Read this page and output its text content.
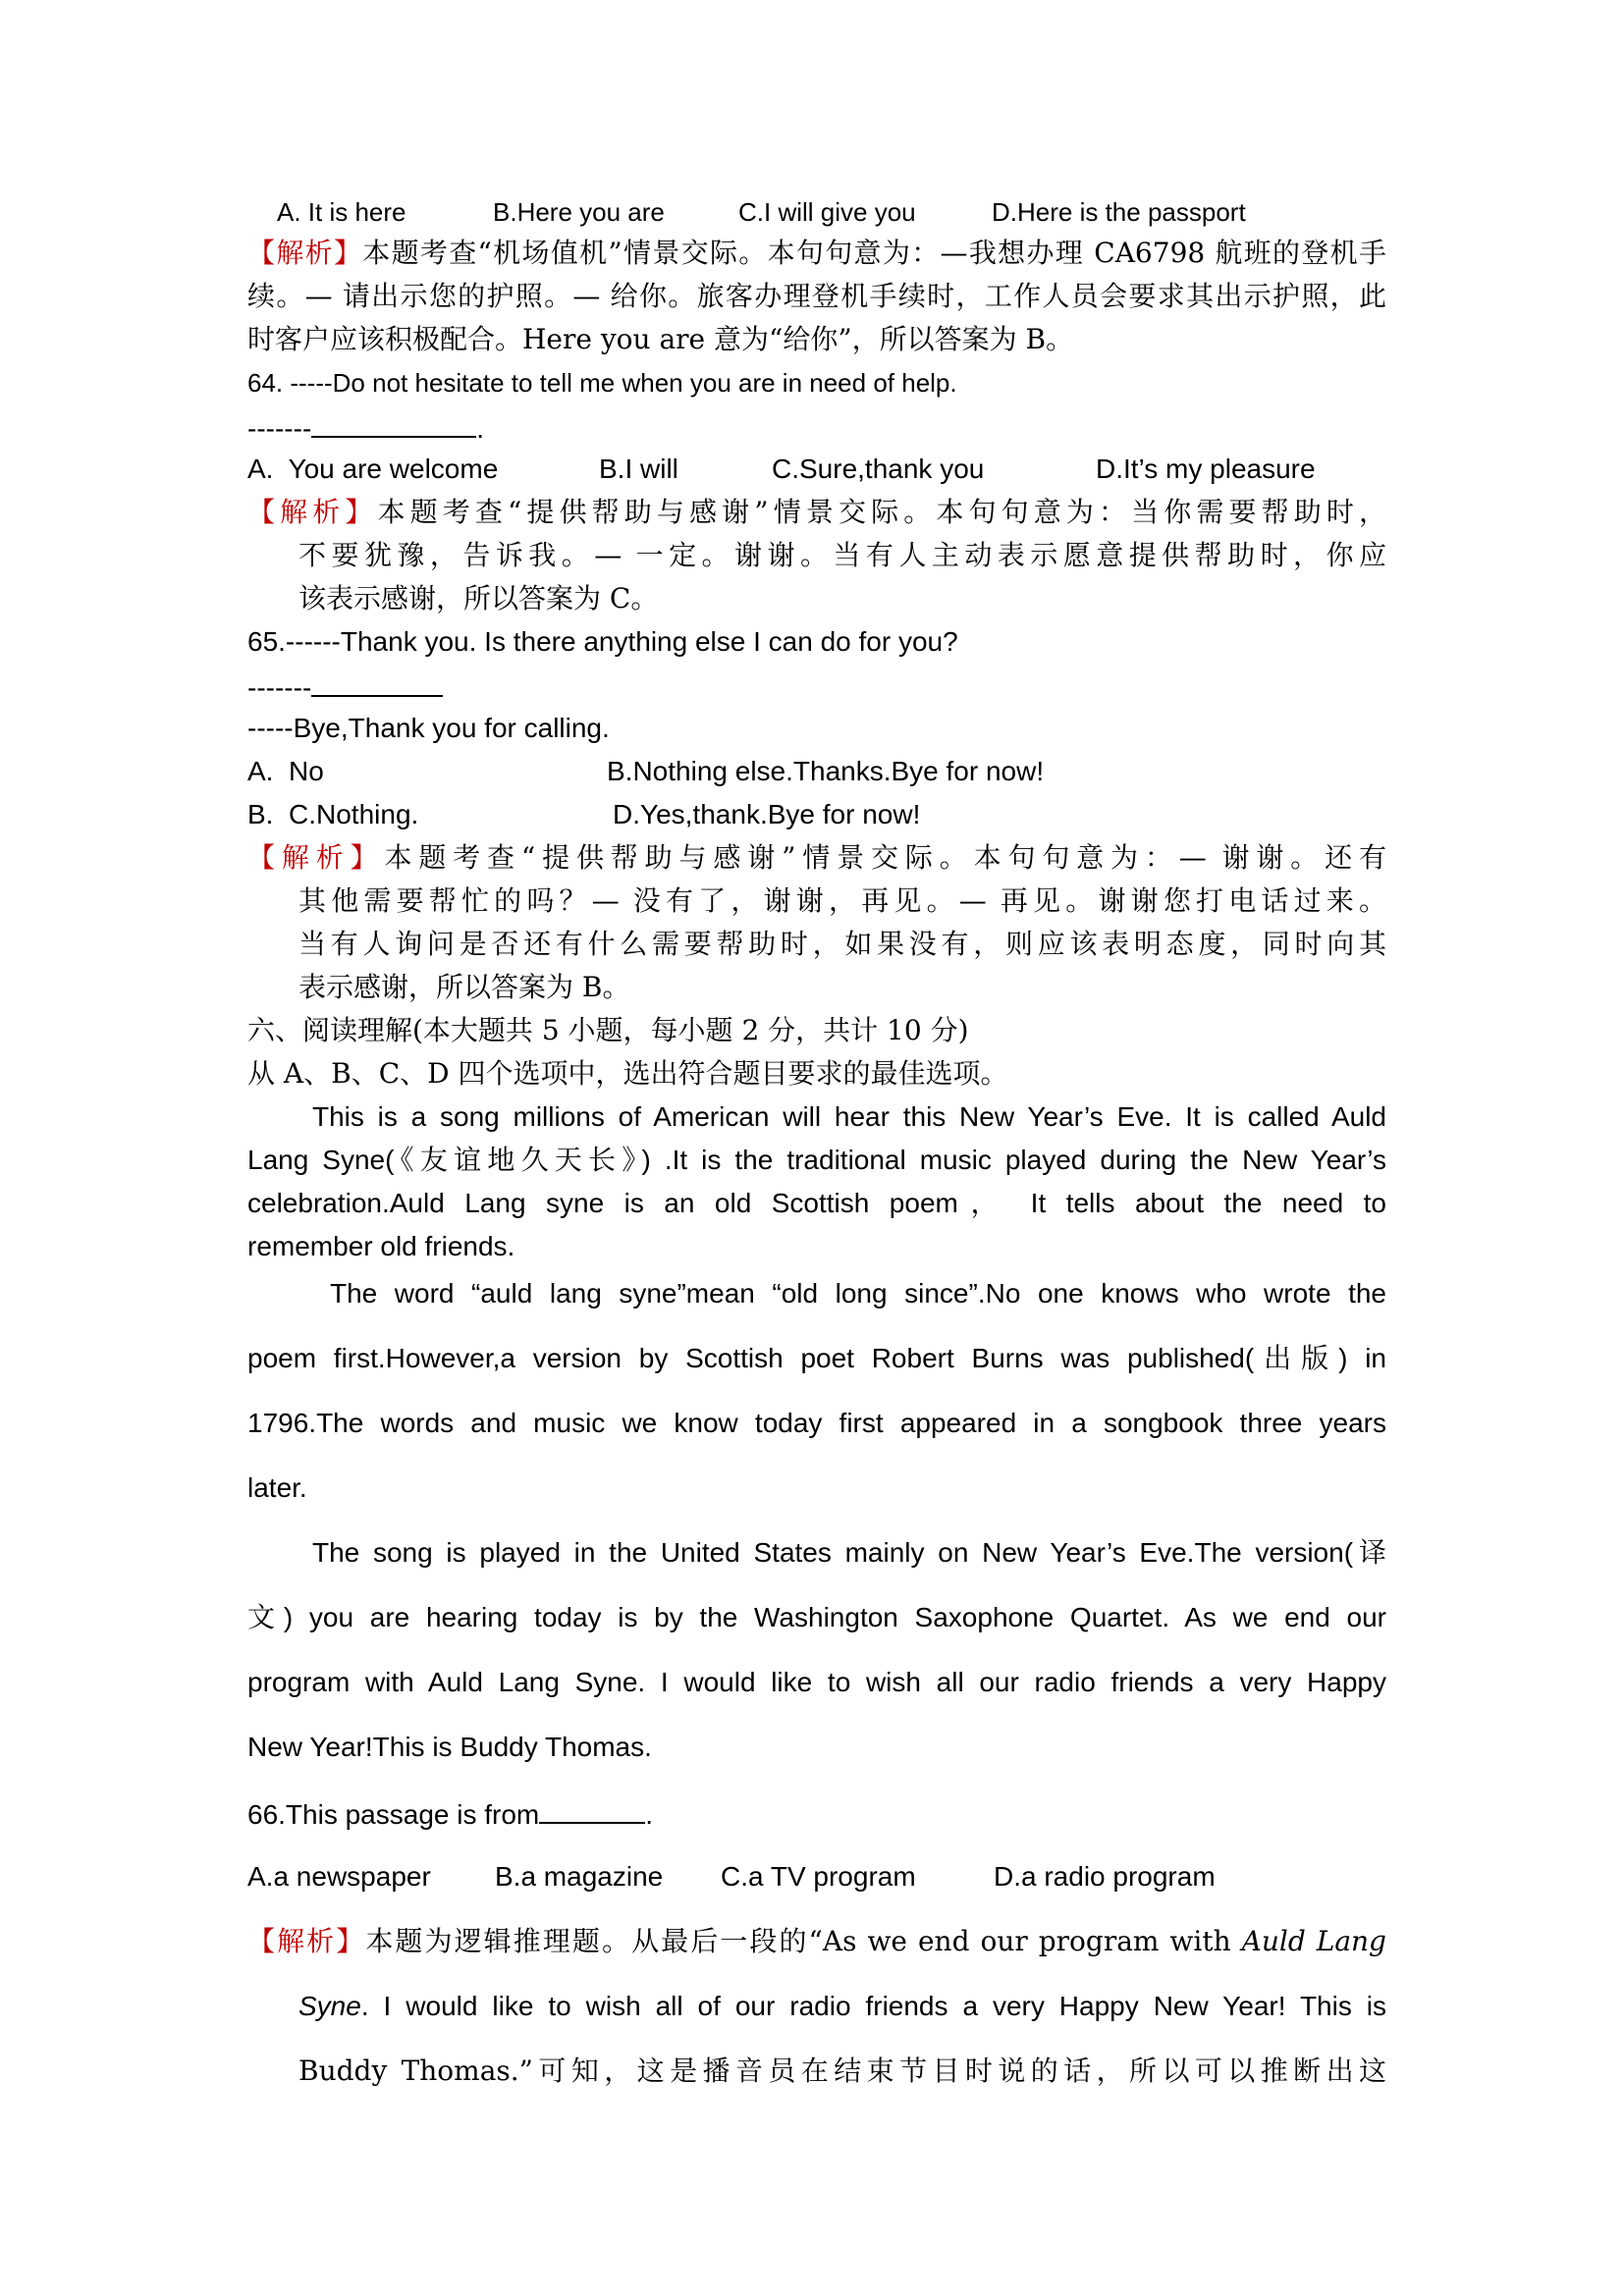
A. It is here	B.Here you are	C.I will give you	D.Here is the passport
【解析】本题考查“机场值机”情景交际。本句句意为：—我想办理 CA6798 航班的登机手
续。— 请出示您的护照。— 给你。旅客办理登机手续时，工作人员会要求其出示护照，此
时客户应该积极配合。Here you are 意为“给你”，所以答案为 B。
64. -----Do not hesitate to tell me when you are in need of help.
-------	.
A.  You are welcome	B.I will	C.Sure,thank you	D.It’s my pleasure
【解析】本题考查“提供帮助与感谢”情景交际。本句句意为：当你需要帮助时，
不要犹豫，告诉我。— 一定。谢谢。当有人主动表示愿意提供帮助时，你应
该表示感谢，所以答案为 C。
65.------Thank you. Is there anything else I can do for you?
-------
-----Bye,Thank you for calling.
A.  No	B.Nothing else.Thanks.Bye for now!
B.  C.Nothing.	D.Yes,thank.Bye for now!
【解析】本题考查“提供帮助与感谢”情景交际。本句句意为：— 谢谢。还有
其他需要帮忙的吗？— 没有了，谢谢，再见。— 再见。谢谢您打电话过来。
当有人询问是否还有什么需要帮助时，如果没有，则应该表明态度，同时向其
表示感谢，所以答案为 B。
六、阅读理解(本大题共 5 小题，每小题 2 分，共计 10 分)
从 A、B、C、D 四个选项中，选出符合题目要求的最佳选项。
This is a song millions of American will hear this New Year’s Eve. It is called Auld
Lang Syne(《友谊地久天长》) .It is the traditional music played during the New Year’s
celebration.Auld Lang syne is an old Scottish poem， It tells about the need to
remember old friends.
The word “auld lang syne”mean “old long since”.No one knows who wrote the
poem first.However,a version by Scottish poet Robert Burns was published(出版) in
1796.The words and music we know today first appeared in a songbook three years
later.
The song is played in the United States mainly on New Year’s Eve.The version(译
文) you are hearing today is by the Washington Saxophone Quartet. As we end our
program with Auld Lang Syne. I would like to wish all our radio friends a very Happy
New Year!This is Buddy Thomas.
66.This passage is from	.
A.a newspaper B.a magazine C.a TV program	D.a radio program
【解析】本题为逻辑推理题。从最后一段的“As we end our program with Auld Lang
Syne. I would like to wish all of our radio friends a very Happy New Year! This is
Buddy Thomas.”可知，这是播音员在结束节目时说的话，所以可以推断出这
